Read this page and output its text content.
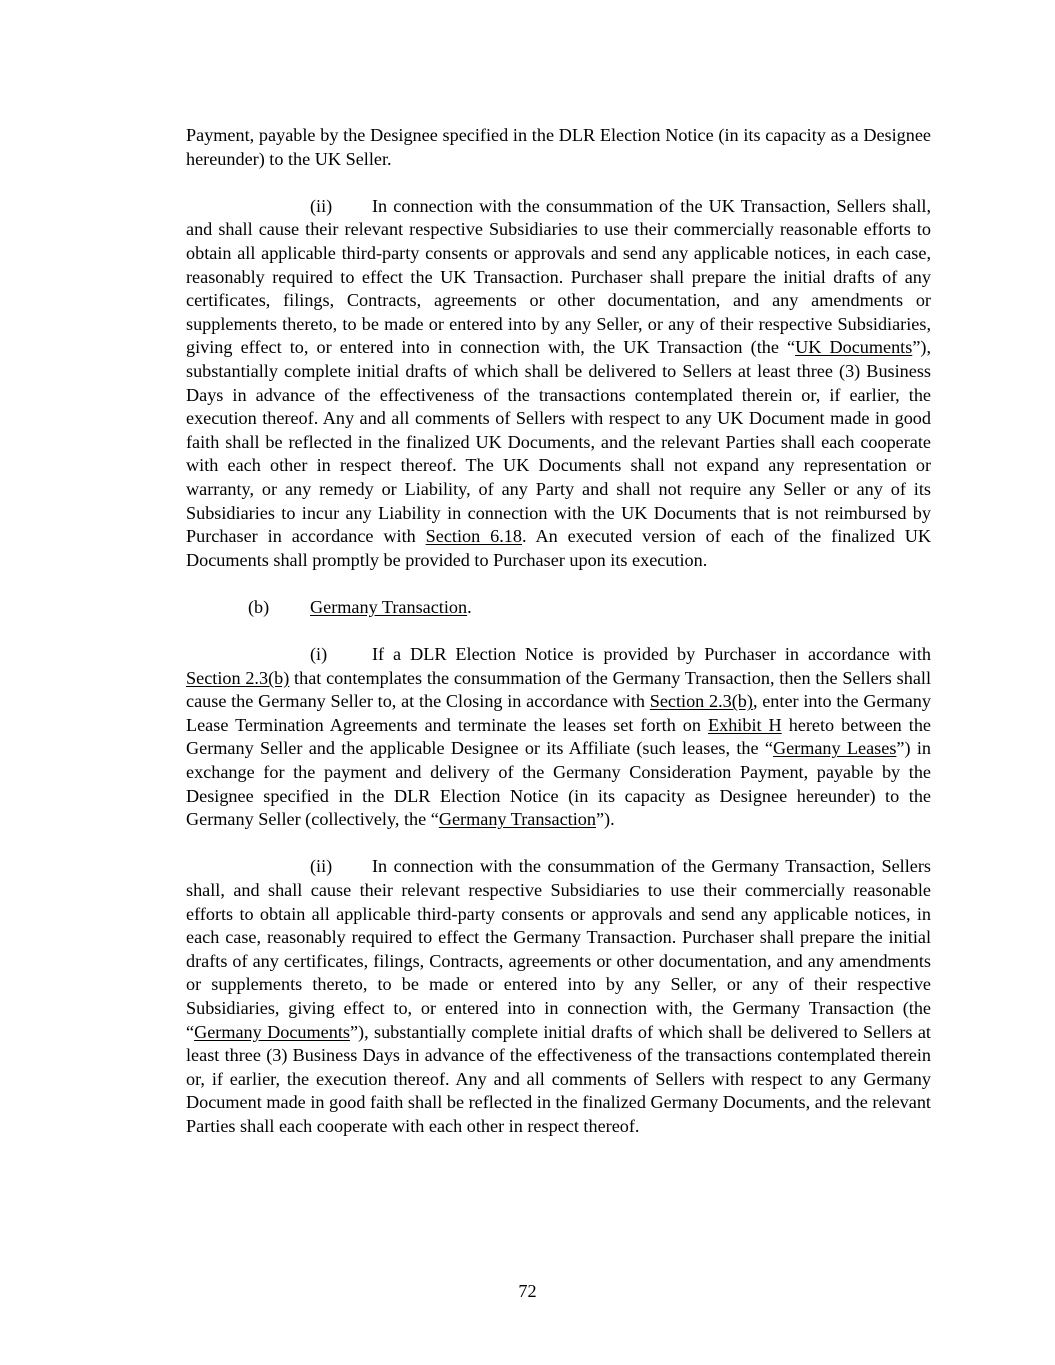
Payment, payable by the Designee specified in the DLR Election Notice (in its capacity as a Designee hereunder) to the UK Seller.

(ii) In connection with the consummation of the UK Transaction, Sellers shall, and shall cause their relevant respective Subsidiaries to use their commercially reasonable efforts to obtain all applicable third-party consents or approvals and send any applicable notices, in each case, reasonably required to effect the UK Transaction. Purchaser shall prepare the initial drafts of any certificates, filings, Contracts, agreements or other documentation, and any amendments or supplements thereto, to be made or entered into by any Seller, or any of their respective Subsidiaries, giving effect to, or entered into in connection with, the UK Transaction (the “UK Documents”), substantially complete initial drafts of which shall be delivered to Sellers at least three (3) Business Days in advance of the effectiveness of the transactions contemplated therein or, if earlier, the execution thereof. Any and all comments of Sellers with respect to any UK Document made in good faith shall be reflected in the finalized UK Documents, and the relevant Parties shall each cooperate with each other in respect thereof. The UK Documents shall not expand any representation or warranty, or any remedy or Liability, of any Party and shall not require any Seller or any of its Subsidiaries to incur any Liability in connection with the UK Documents that is not reimbursed by Purchaser in accordance with Section 6.18. An executed version of each of the finalized UK Documents shall promptly be provided to Purchaser upon its execution.

(b) Germany Transaction.

(i) If a DLR Election Notice is provided by Purchaser in accordance with Section 2.3(b) that contemplates the consummation of the Germany Transaction, then the Sellers shall cause the Germany Seller to, at the Closing in accordance with Section 2.3(b), enter into the Germany Lease Termination Agreements and terminate the leases set forth on Exhibit H hereto between the Germany Seller and the applicable Designee or its Affiliate (such leases, the “Germany Leases”) in exchange for the payment and delivery of the Germany Consideration Payment, payable by the Designee specified in the DLR Election Notice (in its capacity as Designee hereunder) to the Germany Seller (collectively, the “Germany Transaction”).

(ii) In connection with the consummation of the Germany Transaction, Sellers shall, and shall cause their relevant respective Subsidiaries to use their commercially reasonable efforts to obtain all applicable third-party consents or approvals and send any applicable notices, in each case, reasonably required to effect the Germany Transaction. Purchaser shall prepare the initial drafts of any certificates, filings, Contracts, agreements or other documentation, and any amendments or supplements thereto, to be made or entered into by any Seller, or any of their respective Subsidiaries, giving effect to, or entered into in connection with, the Germany Transaction (the “Germany Documents”), substantially complete initial drafts of which shall be delivered to Sellers at least three (3) Business Days in advance of the effectiveness of the transactions contemplated therein or, if earlier, the execution thereof. Any and all comments of Sellers with respect to any Germany Document made in good faith shall be reflected in the finalized Germany Documents, and the relevant Parties shall each cooperate with each other in respect thereof.

72
